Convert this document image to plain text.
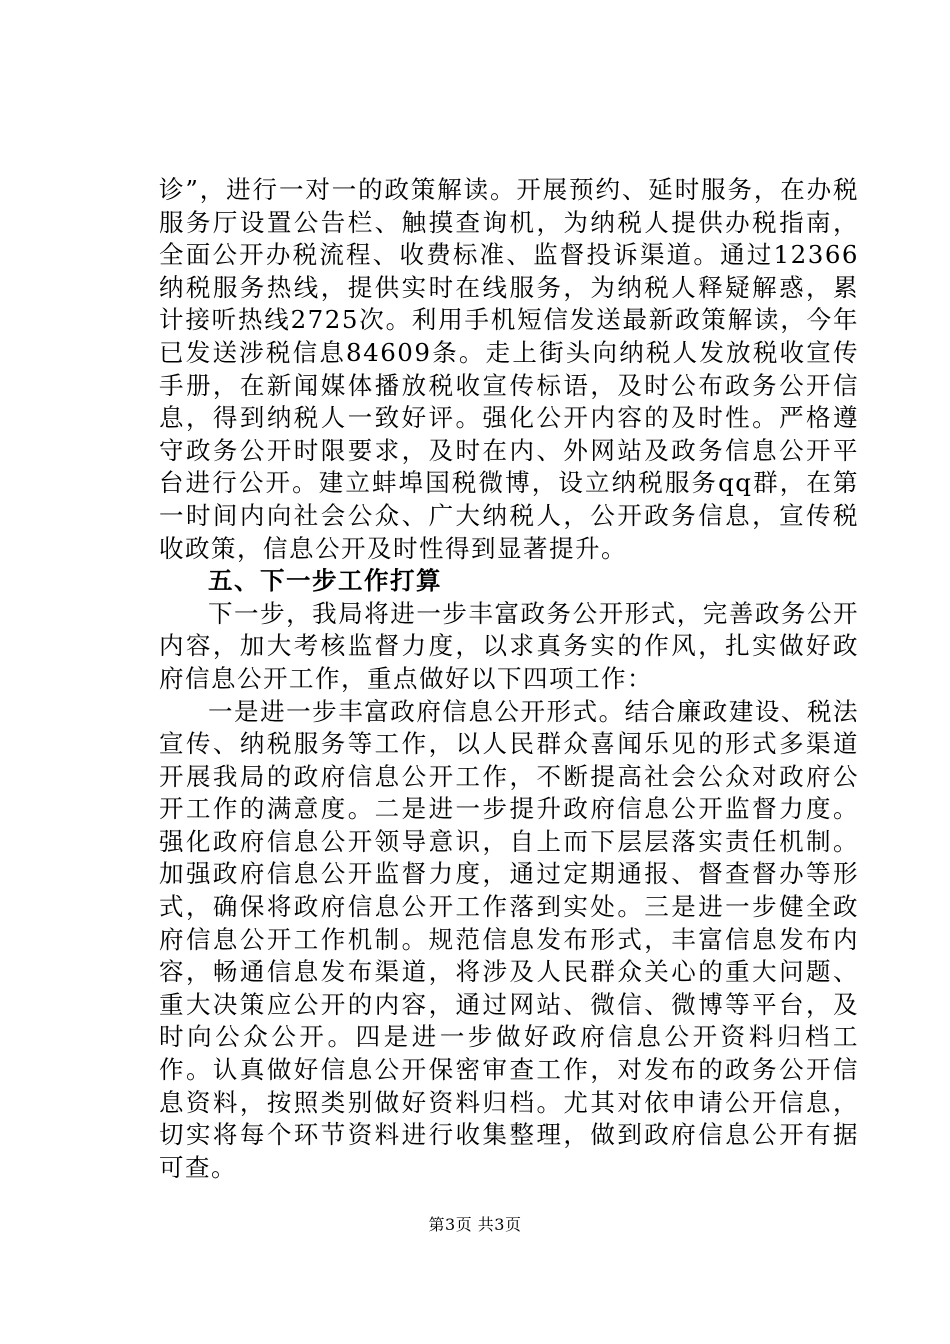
诊”，进行一对一的政策解读。开展预约、延时服务，在办税服务厅设置公告栏、触摸查询机，为纳税人提供办税指南，全面公开办税流程、收费标准、监督投诉渠道。通过12366纳税服务热线，提供实时在线服务，为纳税人释疑解惑，累计接听热线2725次。利用手机短信发送最新政策解读，今年已发送涉税信息84609条。走上街头向纳税人发放税收宣传手册，在新闻媒体播放税收宣传标语，及时公布政务公开信息，得到纳税人一致好评。强化公开内容的及时性。严格遵守政务公开时限要求，及时在内、外网站及政务信息公开平台进行公开。建立蚌埠国税微博，设立纳税服务qq群，在第一时间内向社会公众、广大纳税人，公开政务信息，宣传税收政策，信息公开及时性得到显著提升。

五、下一步工作打算

下一步，我局将进一步丰富政务公开形式，完善政务公开内容，加大考核监督力度，以求真务实的作风，扎实做好政府信息公开工作，重点做好以下四项工作：

一是进一步丰富政府信息公开形式。结合廉政建设、税法宣传、纳税服务等工作，以人民群众喜闻乐见的形式多渠道开展我局的政府信息公开工作，不断提高社会公众对政府公开工作的满意度。二是进一步提升政府信息公开监督力度。强化政府信息公开领导意识，自上而下层层落实责任机制。加强政府信息公开监督力度，通过定期通报、督查督办等形式，确保将政府信息公开工作落到实处。三是进一步健全政府信息公开工作机制。规范信息发布形式，丰富信息发布内容，畅通信息发布渠道，将涉及人民群众关心的重大问题、重大决策应公开的内容，通过网站、微信、微博等平台，及时向公众公开。四是进一步做好政府信息公开资料归档工作。认真做好信息公开保密审查工作，对发布的政务公开信息资料，按照类别做好资料归档。尤其对依申请公开信息，切实将每个环节资料进行收集整理，做到政府信息公开有据可查。

第3页 共3页
